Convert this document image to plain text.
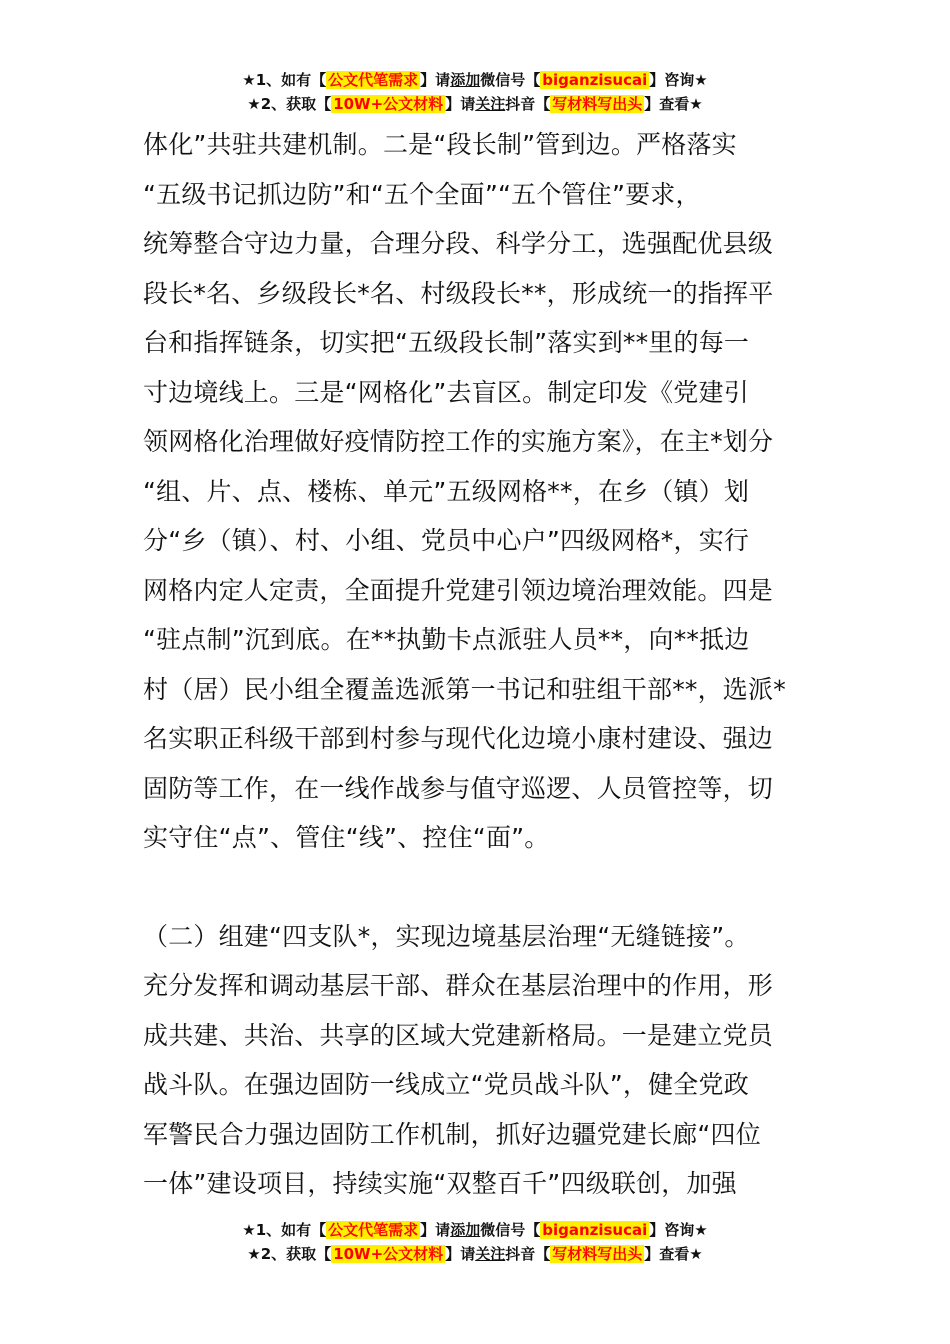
★1、如有【 公文代笔需求 】请添加微信号【 biganzisucai 】咨询★
★2、获取【 10W+公文材料 】请关注抖音【 写材料写出头 】查看★

体化”共驻共建机制。二是“段长制”管到边。严格落实

“五级书记抓边防”和“五个全面”“五个管住”要求，

统筹整合守边力量，合理分段、科学分工，选强配优县级

段长*名、乡级段长*名、村级段长**，形成统一的指挥平

台和指挥链条，切实把“五级段长制”落实到**里的每一

寸边境线上。三是“网格化”去盲区。制定印发《党建引

领网格化治理做好疫情防控工作的实施方案》，在主*划分

“组、片、点、楼栋、单元”五级网格**，在乡（镇）划

分“乡（镇）、村、小组、党员中心户”四级网格*，实行

网格内定人定责，全面提升党建引领边境治理效能。四是

“驻点制”沉到底。在**执勤卡点派驻人员**，向**抵边

村（居）民小组全覆盖选派第一书记和驻组干部**，选派*

名实职正科级干部到村参与现代化边境小康村建设、强边

固防等工作，在一线作战参与值守巡逻、人员管控等，切

实守住“点”、管住“线”、控住“面”。

（二）组建“四支队*，实现边境基层治理“无缝链接”。

充分发挥和调动基层干部、群众在基层治理中的作用，形

成共建、共治、共享的区域大党建新格局。一是建立党员

战斗队。在强边固防一线成立“党员战斗队”，健全党政

军警民合力强边固防工作机制，抓好边疆党建长廊“四位

一体”建设项目，持续实施“双整百千”四级联创，加强

★1、如有【 公文代笔需求 】请添加微信号【 biganzisucai 】咨询★
★2、获取【 10W+公文材料 】请关注抖音【 写材料写出头 】查看★
